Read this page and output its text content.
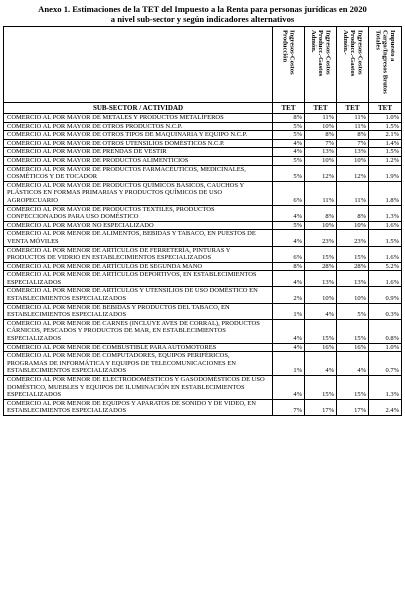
Anexo 1. Estimaciones de la TET del Impuesto a la Renta para personas jurídicas en 2020
a nivel sub-sector y según indicadores alternativos

	Ingresos-Costos
Producción	Ingresos-Costos
Producc.-Gastos
Admón.	Ingresos-Costos
Producc.-Gastos
Admón.-	Impuesto a
Cargo/Ingresos Brutos
Totales

SUB-SECTOR / ACTIVIDAD	TET	TET	TET	TET
COMERCIO AL POR MAYOR DE METALES Y PRODUCTOS METALÍFEROS	8%	11%	11%	1.0%
COMERCIO AL POR MAYOR DE OTROS PRODUCTOS N.C.P.	5%	10%	11%	1.5%
COMERCIO AL POR MAYOR DE OTROS TIPOS DE MAQUINARIA Y EQUIPO N.C.P.	5%	8%	8%	2.1%
COMERCIO AL POR MAYOR DE OTROS UTENSILIOS DOMÉSTICOS N.C.P.	4%	7%	7%	1.4%
COMERCIO AL POR MAYOR DE PRENDAS DE VESTIR	4%	13%	13%	1.5%
COMERCIO AL POR MAYOR DE PRODUCTOS ALIMENTICIOS	5%	10%	10%	1.2%
COMERCIO AL POR MAYOR DE PRODUCTOS FARMACÉUTICOS, MEDICINALES, COSMÉTICOS Y DE TOCADOR	5%	12%	12%	1.9%
COMERCIO AL POR MAYOR DE PRODUCTOS QUÍMICOS BÁSICOS, CAUCHOS Y PLÁSTICOS EN FORMAS PRIMARIAS Y PRODUCTOS QUÍMICOS DE USO AGROPECUARIO	6%	11%	11%	1.8%
COMERCIO AL POR MAYOR DE PRODUCTOS TEXTILES, PRODUCTOS CONFECCIONADOS PARA USO DOMÉSTICO	4%	8%	8%	1.3%
COMERCIO AL POR MAYOR NO ESPECIALIZADO	5%	10%	10%	1.6%
COMERCIO AL POR MENOR DE ALIMENTOS, BEBIDAS Y TABACO, EN PUESTOS DE VENTA MÓVILES	4%	23%	23%	1.5%
COMERCIO AL POR MENOR DE ARTÍCULOS DE FERRETERÍA, PINTURAS Y PRODUCTOS DE VIDRIO EN ESTABLECIMIENTOS ESPECIALIZADOS	6%	15%	15%	1.6%
COMERCIO AL POR MENOR DE ARTÍCULOS DE SEGUNDA MANO	8%	28%	28%	5.2%
COMERCIO AL POR MENOR DE ARTÍCULOS DEPORTIVOS, EN ESTABLECIMIENTOS ESPECIALIZADOS	4%	13%	13%	1.6%
COMERCIO AL POR MENOR DE ARTÍCULOS Y UTENSILIOS DE USO DOMÉSTICO EN ESTABLECIMIENTOS ESPECIALIZADOS	2%	10%	10%	0.9%
COMERCIO AL POR MENOR DE BEBIDAS Y PRODUCTOS DEL TABACO, EN ESTABLECIMIENTOS ESPECIALIZADOS	1%	4%	5%	0.3%
COMERCIO AL POR MENOR DE CARNES (INCLUYE AVES DE CORRAL), PRODUCTOS CÁRNICOS, PESCADOS Y PRODUCTOS DE MAR, EN ESTABLECIMIENTOS ESPECIALIZADOS	4%	15%	15%	0.8%
COMERCIO AL POR MENOR DE COMBUSTIBLE PARA AUTOMOTORES	4%	16%	16%	1.0%
COMERCIO AL POR MENOR DE COMPUTADORES, EQUIPOS PERIFÉRICOS, PROGRAMAS DE INFORMÁTICA Y EQUIPOS DE TELECOMUNICACIONES EN ESTABLECIMIENTOS ESPECIALIZADOS	1%	4%	4%	0.7%
COMERCIO AL POR MENOR DE ELECTRODOMÉSTICOS Y GASODOMÉSTICOS DE USO DOMÉSTICO, MUEBLES Y EQUIPOS DE ILUMINACIÓN EN ESTABLECIMIENTOS ESPECIALIZADOS	4%	15%	15%	1.3%
COMERCIO AL POR MENOR DE EQUIPOS Y APARATOS DE SONIDO Y DE VIDEO, EN ESTABLECIMIENTOS ESPECIALIZADOS	7%	17%	17%	2.4%
